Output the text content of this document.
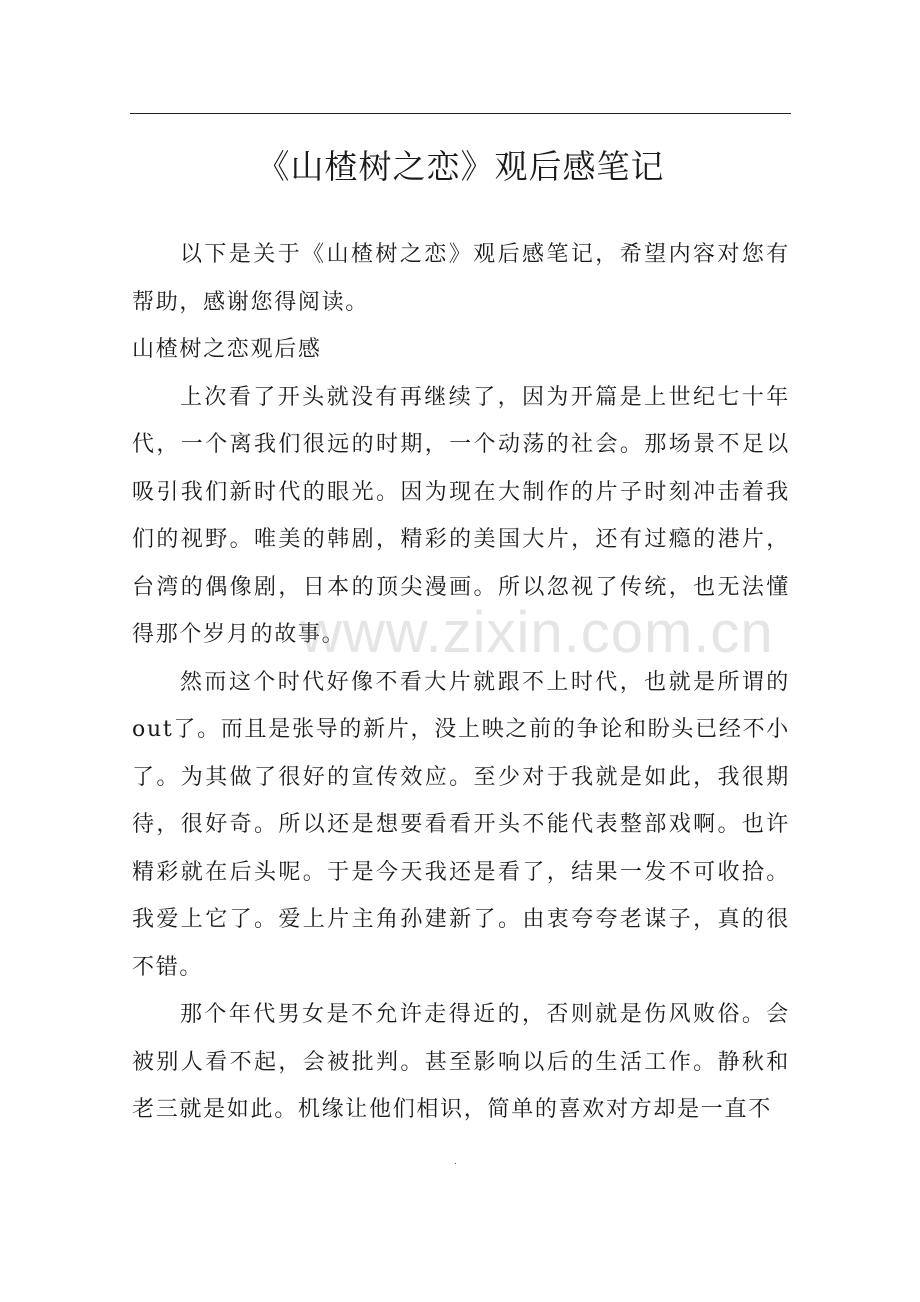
《山楂树之恋》观后感笔记

以下是关于《山楂树之恋》观后感笔记，希望内容对您有帮助，感谢您得阅读。

山楂树之恋观后感

上次看了开头就没有再继续了，因为开篇是上世纪七十年代，一个离我们很远的时期，一个动荡的社会。那场景不足以吸引我们新时代的眼光。因为现在大制作的片子时刻冲击着我们的视野。唯美的韩剧，精彩的美国大片，还有过瘾的港片，台湾的偶像剧，日本的顶尖漫画。所以忽视了传统，也无法懂得那个岁月的故事。

然而这个时代好像不看大片就跟不上时代，也就是所谓的out了。而且是张导的新片，没上映之前的争论和盼头已经不小了。为其做了很好的宣传效应。至少对于我就是如此，我很期待，很好奇。所以还是想要看看开头不能代表整部戏啊。也许精彩就在后头呢。于是今天我还是看了，结果一发不可收拾。我爱上它了。爱上片主角孙建新了。由衷夸夸老谋子，真的很不错。

那个年代男女是不允许走得近的，否则就是伤风败俗。会被别人看不起，会被批判。甚至影响以后的生活工作。静秋和老三就是如此。机缘让他们相识，简单的喜欢对方却是一直不

www.zixin.com.cn
.
